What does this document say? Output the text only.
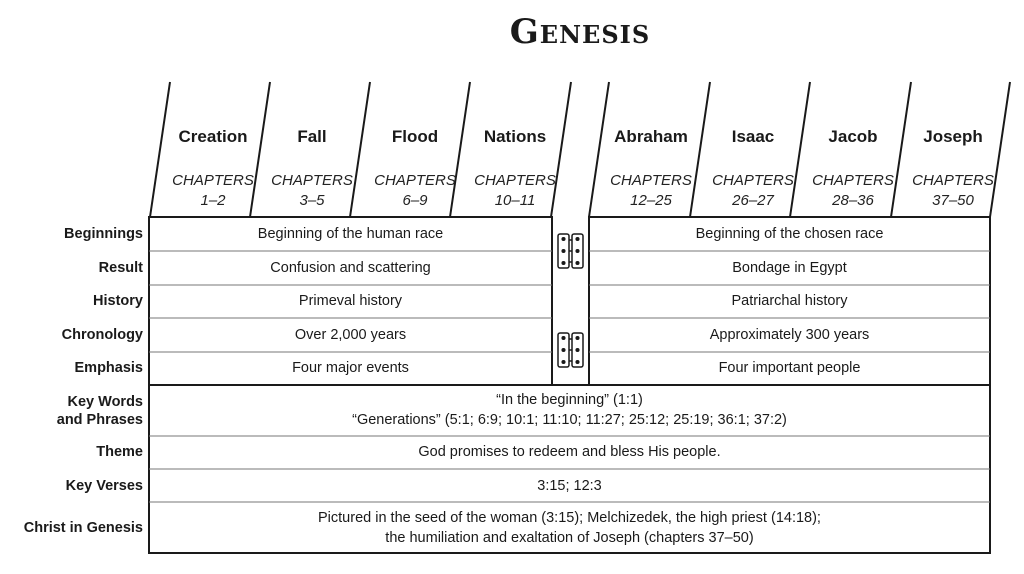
Genesis
Creation
CHAPTERS
1–2
Fall
CHAPTERS
3–5
Flood
CHAPTERS
6–9
Nations
CHAPTERS
10–11
Abraham
CHAPTERS
12–25
Isaac
CHAPTERS
26–27
Jacob
CHAPTERS
28–36
Joseph
CHAPTERS
37–50
Beginnings
Result
History
Chronology
Emphasis
Key Words
and Phrases
Theme
Key Verses
Christ in Genesis
Beginning of the human race
Confusion and scattering
Primeval history
Over 2,000 years
Four major events
Beginning of the chosen race
Bondage in Egypt
Patriarchal history
Approximately 300 years
Four important people
“In the beginning” (1:1)
“Generations” (5:1; 6:9; 10:1; 11:10; 11:27; 25:12; 25:19; 36:1; 37:2)
God promises to redeem and bless His people.
3:15; 12:3
Pictured in the seed of the woman (3:15); Melchizedek, the high priest (14:18);
the humiliation and exaltation of Joseph (chapters 37–50)
